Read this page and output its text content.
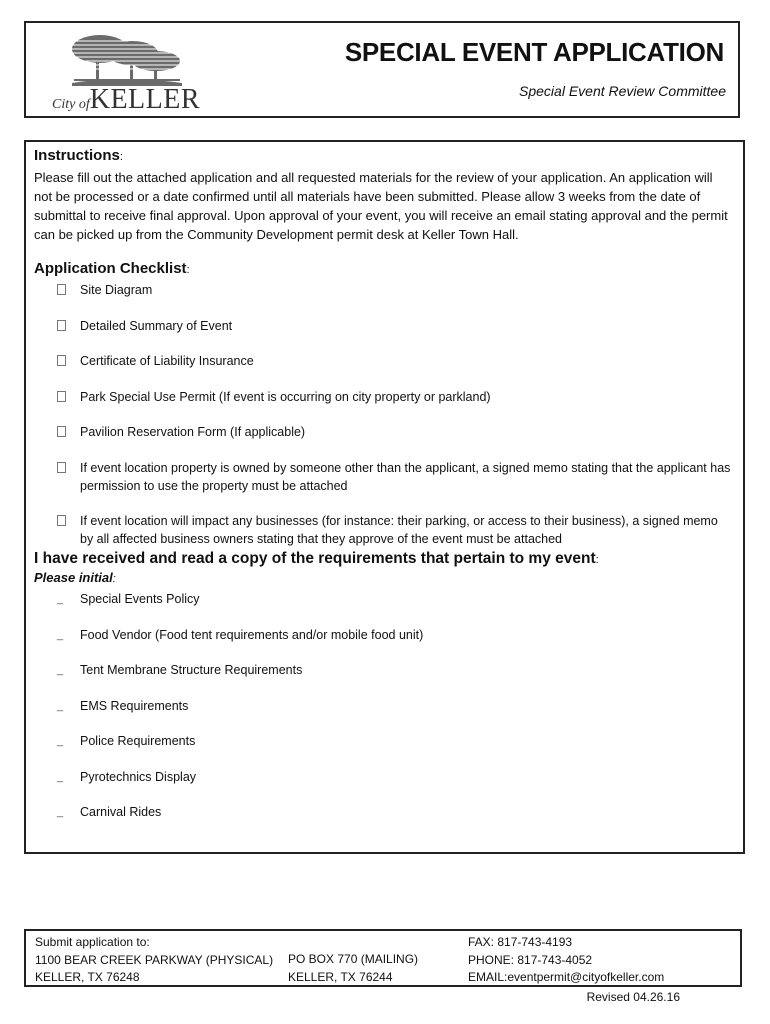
City ofKELLER
SPECIAL EVENT APPLICATION
Special Event Review Committee

Instructions:

Please fill out the attached application and all requested materials for the review of your application. An application will not be processed or a date confirmed until all materials have been submitted. Please allow 3 weeks from the date of submittal to receive final approval. Upon approval of your event, you will receive an email stating approval and the permit can be picked up from the Community Development permit desk at Keller Town Hall.

Application Checklist:

Site Diagram
Detailed Summary of Event
Certificate of Liability Insurance
Park Special Use Permit (If event is occurring on city property or parkland)
Pavilion Reservation Form (If applicable)
If event location property is owned by someone other than the applicant, a signed memo stating that the applicant has permission to use the property must be attached
If event location will impact any businesses (for instance: their parking, or access to their business), a signed memo by all affected business owners stating that they approve of the event must be attached

I have received and read a copy of the requirements that pertain to my event:

Please initial:
_	Special Events Policy
_	Food Vendor (Food tent requirements and/or mobile food unit)
_	Tent Membrane Structure Requirements
_	EMS Requirements
_	Police Requirements
_	Pyrotechnics Display
_	Carnival Rides
Submit application to:
1100 BEAR CREEK PARKWAY (PHYSICAL)
KELLER, TX 76248
PO BOX 770 (MAILING)
KELLER, TX 76244
FAX: 817-743-4193
PHONE: 817-743-4052
EMAIL:eventpermit@cityofkeller.com
Revised 04.26.16
